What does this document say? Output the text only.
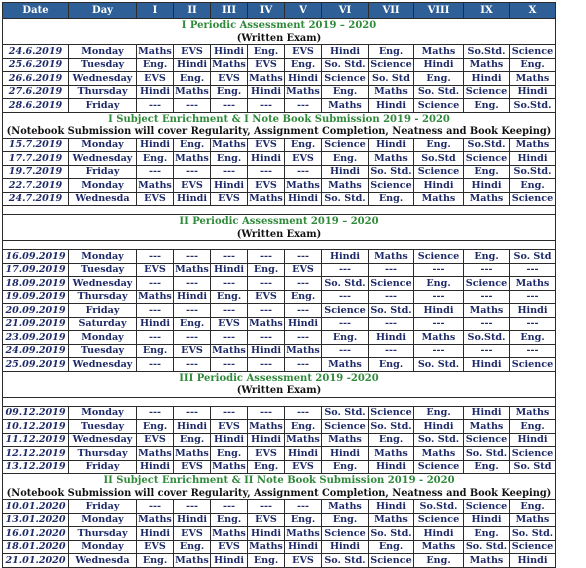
Date	Day	I	II	III	IV	V	VI	VII	VIII	IX	X
I Periodic Assessment 2019 – 2020											
(Written Exam)											
24.6.2019	Monday	Maths	EVS	Hindi	Eng.	EVS	Hindi	Eng.	Maths	So.Std.	Science
25.6.2019	Tuesday	Eng.	Hindi	Maths	EVS	Eng.	So. Std.	Science	Hindi	Maths	Eng.
26.6.2019	Wednesday	EVS	Eng.	EVS	Maths	Hindi	Science	So. Std	Eng.	Hindi	Maths
27.6.2019	Thursday	Hindi	Maths	Eng.	Hindi	Maths	Eng.	Maths	So. Std.	Science	Hindi
28.6.2019	Friday	---	---	---	---	---	Maths	Hindi	Science	Eng.	So.Std.
I Subject Enrichment & I Note Book Submission 2019 - 2020											
(Notebook Submission will cover Regularity, Assignment Completion, Neatness and Book Keeping)											
15.7.2019	Monday	Hindi	Eng.	Maths	EVS	Eng.	Science	Hindi	Eng.	So.Std.	Maths
17.7.2019	Wednesday	Eng.	Maths	Eng.	Hindi	EVS	Eng.	Maths	So.Std	Science	Hindi
19.7.2019	Friday	---	---	---	---	---	Hindi	So. Std.	Science	Eng.	So.Std.
22.7.2019	Monday	Maths	EVS	Hindi	EVS	Maths	Maths	Science	Hindi	Hindi	Eng.
24.7.2019	Wednesda	EVS	Hindi	EVS	Maths	Hindi	So. Std.	Eng.	Maths	Maths	Science

II Periodic Assessment 2019 – 2020											
(Written Exam)											

16.09.2019	Monday	---	---	---	---	---	Hindi	Maths	Science	Eng.	So. Std
17.09.2019	Tuesday	EVS	Maths	Hindi	Eng.	EVS	---	---	---	---	---
18.09.2019	Wednesday	---	---	---	---	---	So. Std.	Science	Eng.	Science	Maths
19.09.2019	Thursday	Maths	Hindi	Eng.	EVS	Eng.	---	---	---	---	---
20.09.2019	Friday	---	---	---	---	---	Science	So. Std.	Hindi	Maths	Hindi
21.09.2019	Saturday	Hindi	Eng.	EVS	Maths	Hindi	---	---	---	---	---
23.09.2019	Monday	---	---	---	---	---	Eng.	Hindi	Maths	So.Std.	Eng.
24.09.2019	Tuesday	Eng.	EVS	Maths	Hindi	Maths	---	---	---	---	---
25.09.2019	Wednesday	---	---	---	---	---	Maths	Eng.	So. Std.	Hindi	Science
III Periodic Assessment 2019 -2020											
(Written Exam)											

09.12.2019	Monday	---	---	---	---	---	So. Std.	Science	Eng.	Hindi	Maths
10.12.2019	Tuesday	Eng.	Hindi	EVS	Maths	Eng.	Science	So. Std.	Hindi	Maths	Eng.
11.12.2019	Wednesday	EVS	Eng.	Hindi	Hindi	Maths	Maths	Eng.	So. Std.	Science	Hindi
12.12.2019	Thursday	Maths	Maths	Eng.	EVS	Hindi	Hindi	Maths	Maths	So. Std.	Science
13.12.2019	Friday	Hindi	EVS	Maths	Eng.	EVS	Eng.	Hindi	Science	Eng.	So. Std
II Subject Enrichment & II Note Book Submission 2019 - 2020											
(Notebook Submission will cover Regularity, Assignment Completion, Neatness and Book Keeping)											
10.01.2020	Friday	---	---	---	---	---	Maths	Hindi	So.Std.	Science	Eng.
13.01.2020	Monday	Maths	Hindi	Eng.	EVS	Eng.	Eng.	Maths	Science	Hindi	Maths
16.01.2020	Thursday	Hindi	EVS	Maths	Hindi	Maths	Science	So. Std.	Hindi	Eng.	So. Std.
18.01.2020	Monday	EVS	Eng.	EVS	Maths	Hindi	Hindi	Eng.	Maths	So. Std.	Science
21.01.2020	Wednesda	Eng.	Maths	Hindi	Eng.	EVS	So. Std.	Science	Eng.	Maths	Hindi
